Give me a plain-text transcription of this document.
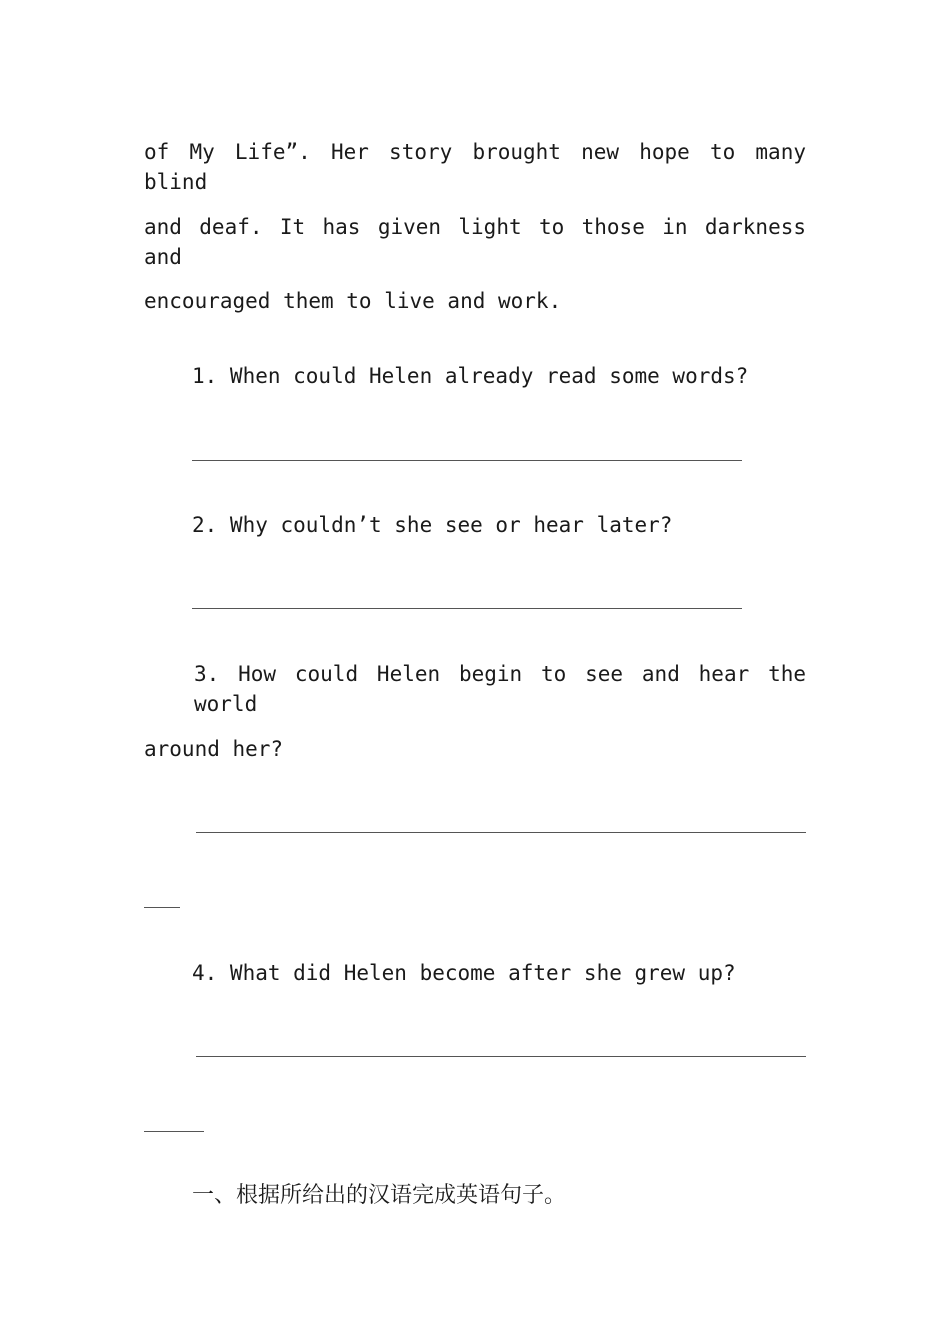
of My Life”. Her story brought new hope to many blind
and deaf. It has given light to those in darkness and
encouraged them to live and work.
1. When could Helen already read some words?
2. Why couldn’t she see or hear later?
3. How could Helen begin to see and hear the world
around her?
4. What did Helen become after she grew up?
一、根据所给出的汉语完成英语句子。
